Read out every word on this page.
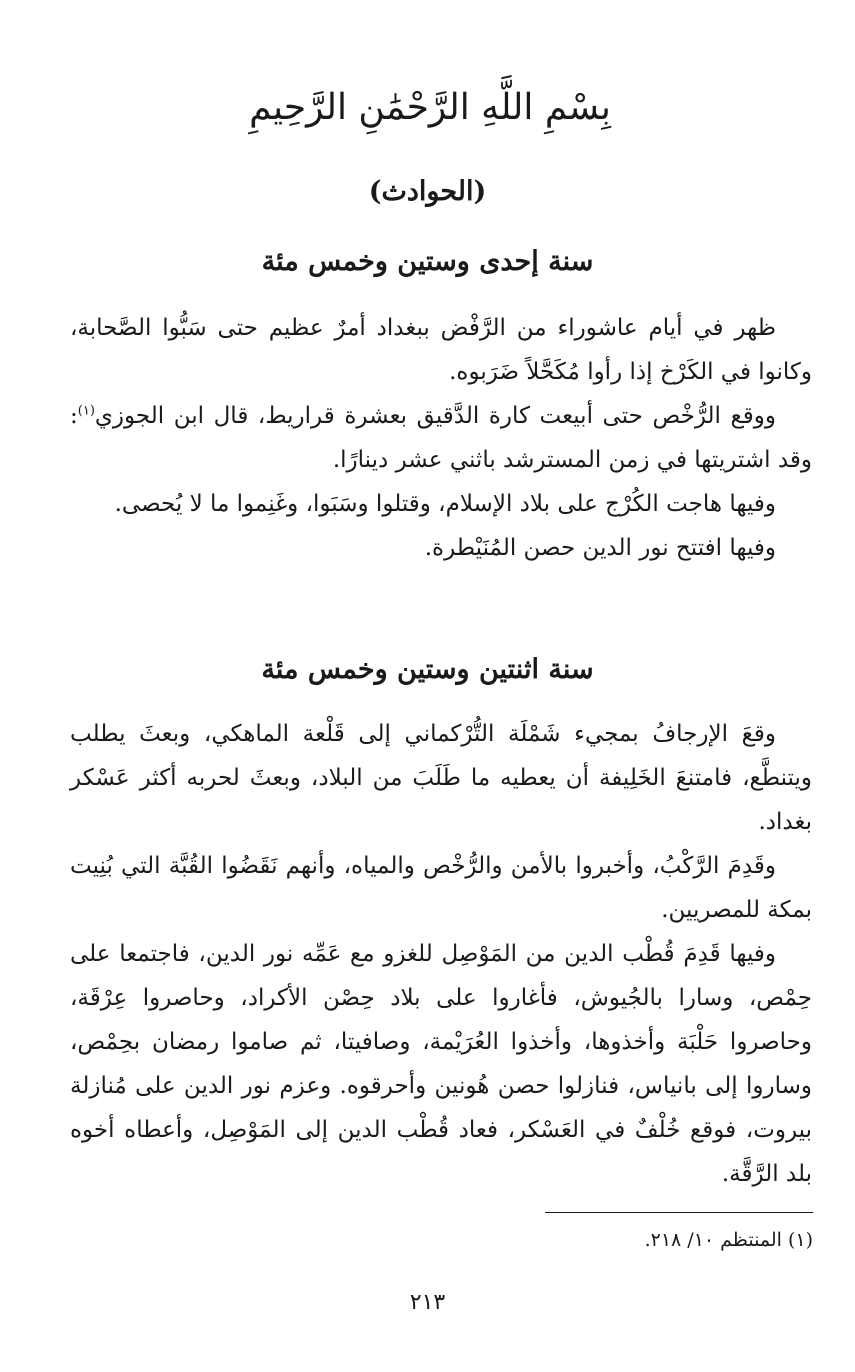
بِسْمِ اللَّهِ الرَّحْمَٰنِ الرَّحِيمِ
(الحوادث)
سنة إحدى وستين وخمس مئة

ظهر في أيام عاشوراء من الرَّفْض ببغداد أمرٌ عظيم حتى سَبُّوا الصَّحابة، وكانوا في الكَرْخ إذا رأوا مُكَحَّلاً ضَرَبوه.

ووقع الرُّخْص حتى أبيعت كارة الدَّقيق بعشرة قراريط، قال ابن الجوزي$^{(١)}$: وقد اشتريتها في زمن المسترشد باثني عشر دينارًا.

وفيها هاجت الكُرْج على بلاد الإسلام، وقتلوا وسَبَوا، وغَنِموا ما لا يُحصى.

وفيها افتتح نور الدين حصن المُنَيْطرة.

سنة اثنتين وستين وخمس مئة

وقعَ الإرجافُ بمجيء شَمْلَة التُّرْكماني إلى قَلْعة الماهكي، وبعثَ يطلب ويتنطَّع، فامتنعَ الخَلِيفة أن يعطيه ما طَلَبَ من البلاد، وبعثَ لحربه أكثر عَسْكر بغداد.

وقَدِمَ الرَّكْبُ، وأخبروا بالأمن والرُّخْص والمياه، وأنهم نَقَضُوا القُبَّة التي بُنِيت بمكة للمصريين.

وفيها قَدِمَ قُطْب الدين من المَوْصِل للغزو مع عَمِّه نور الدين، فاجتمعا على حِمْص، وسارا بالجُيوش، فأغاروا على بلاد حِصْن الأكراد، وحاصروا عِرْقَة، وحاصروا حَلْبَة وأخذوها، وأخذوا العُرَيْمة، وصافيتا، ثم صاموا رمضان بحِمْص، وساروا إلى بانياس، فنازلوا حصن هُونين وأحرقوه. وعزم نور الدين على مُنازلة بيروت، فوقع خُلْفٌ في العَسْكر، فعاد قُطْب الدين إلى المَوْصِل، وأعطاه أخوه بلد الرَّقَّة.

(١) المنتظم ١٠/ ٢١٨.
٢١٣
